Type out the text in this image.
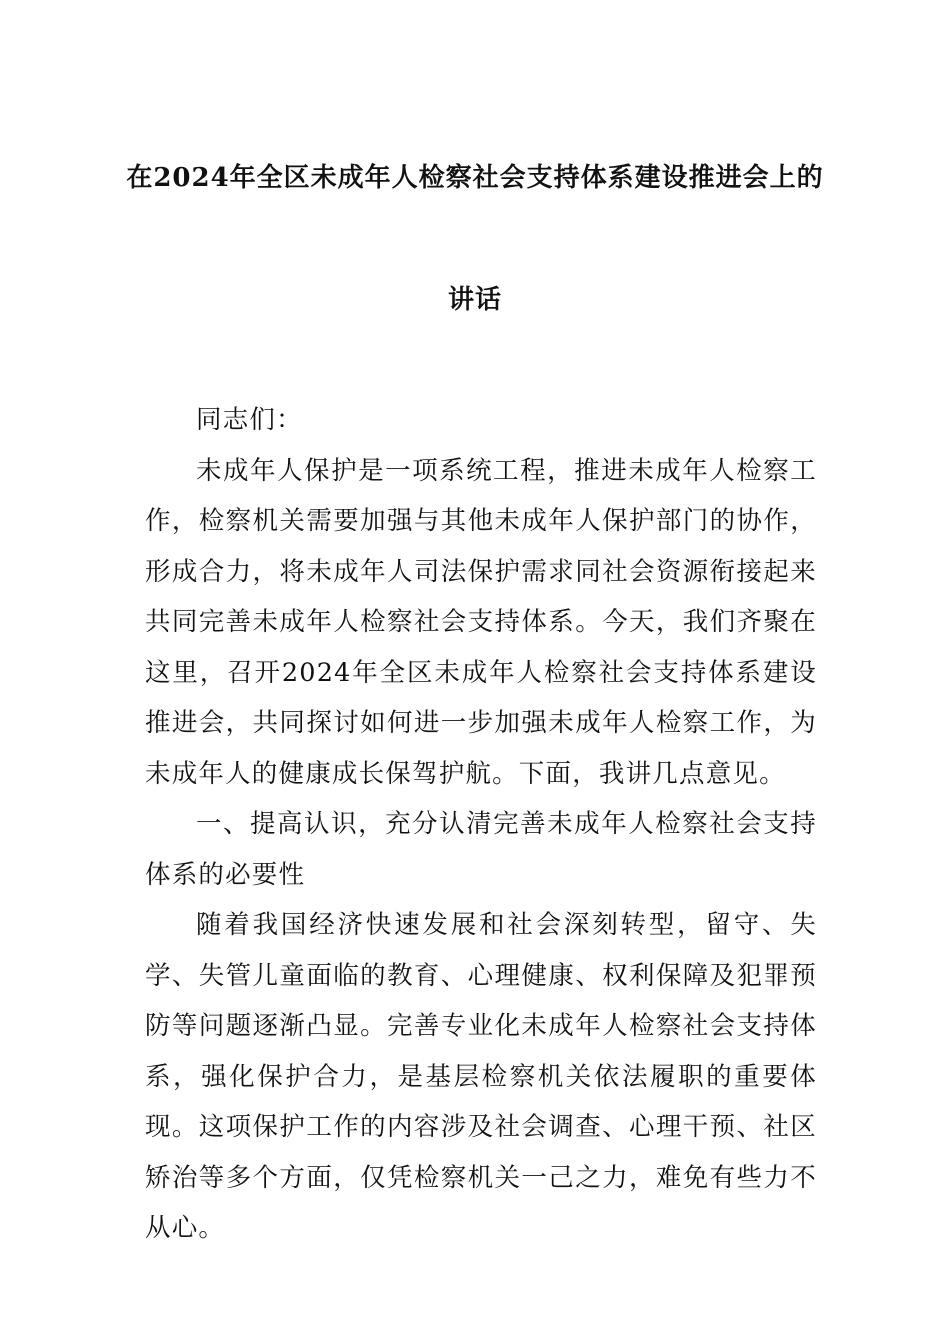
在2024年全区未成年人检察社会支持体系建设推进会上的
讲话

同志们：

未成年人保护是一项系统工程，推进未成年人检察工作，检察机关需要加强与其他未成年人保护部门的协作，形成合力，将未成年人司法保护需求同社会资源衔接起来共同完善未成年人检察社会支持体系。今天，我们齐聚在这里，召开2024年全区未成年人检察社会支持体系建设推进会，共同探讨如何进一步加强未成年人检察工作，为未成年人的健康成长保驾护航。下面，我讲几点意见。

一、提高认识，充分认清完善未成年人检察社会支持体系的必要性

随着我国经济快速发展和社会深刻转型，留守、失学、失管儿童面临的教育、心理健康、权利保障及犯罪预防等问题逐渐凸显。完善专业化未成年人检察社会支持体系，强化保护合力，是基层检察机关依法履职的重要体现。这项保护工作的内容涉及社会调查、心理干预、社区矫治等多个方面，仅凭检察机关一己之力，难免有些力不从心。
